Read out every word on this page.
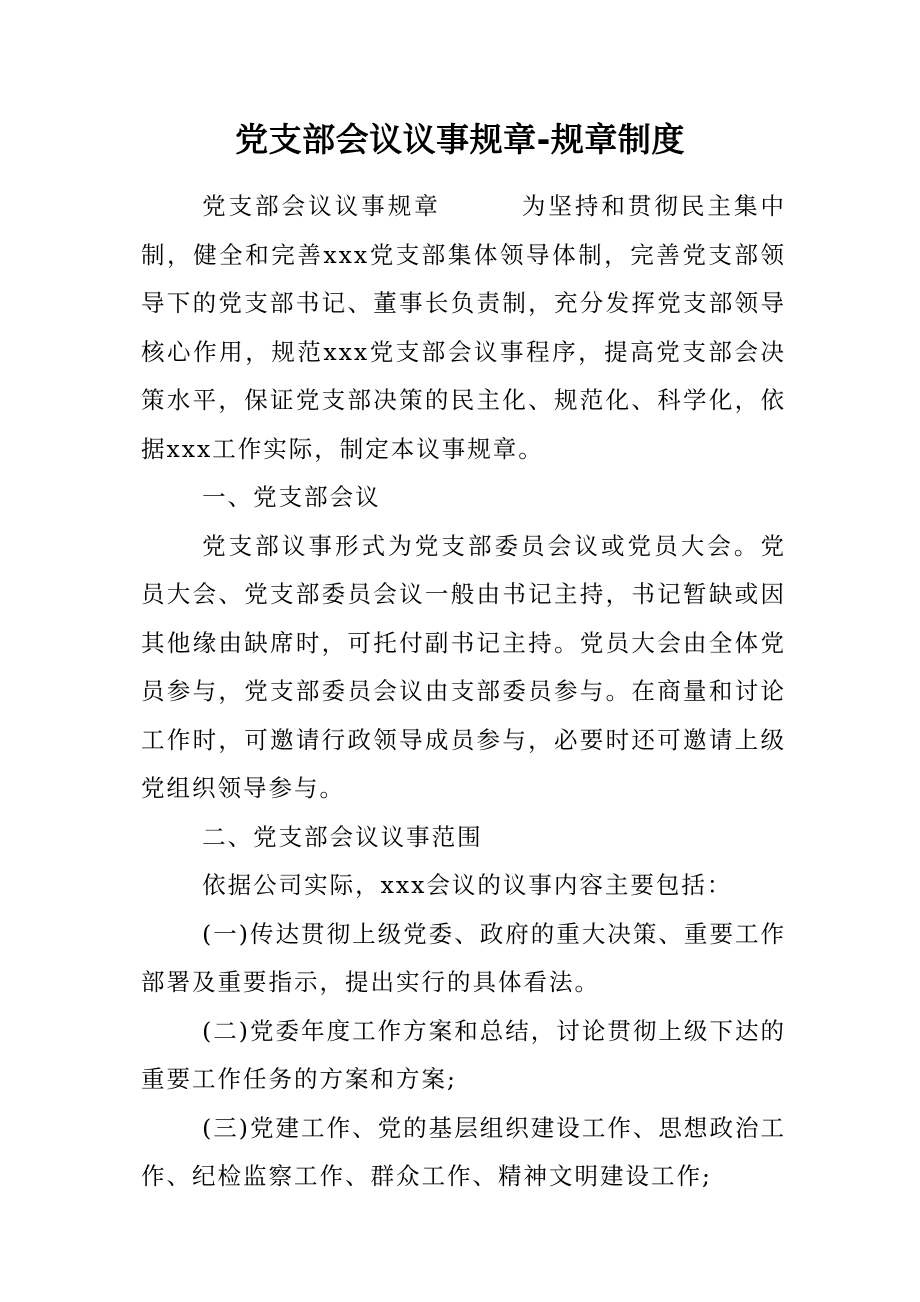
党支部会议议事规章-规章制度

党支部会议议事规章	为坚持和贯彻民主集中制，健全和完善xxx党支部集体领导体制，完善党支部领导下的党支部书记、董事长负责制，充分发挥党支部领导核心作用，规范xxx党支部会议事程序，提高党支部会决策水平，保证党支部决策的民主化、规范化、科学化，依据xxx工作实际，制定本议事规章。

一、党支部会议

党支部议事形式为党支部委员会议或党员大会。党员大会、党支部委员会议一般由书记主持，书记暂缺或因其他缘由缺席时，可托付副书记主持。党员大会由全体党员参与，党支部委员会议由支部委员参与。在商量和讨论工作时，可邀请行政领导成员参与，必要时还可邀请上级党组织领导参与。

二、党支部会议议事范围

依据公司实际，xxx会议的议事内容主要包括：

(一)传达贯彻上级党委、政府的重大决策、重要工作部署及重要指示，提出实行的具体看法。

(二)党委年度工作方案和总结，讨论贯彻上级下达的重要工作任务的方案和方案;

(三)党建工作、党的基层组织建设工作、思想政治工作、纪检监察工作、群众工作、精神文明建设工作;
